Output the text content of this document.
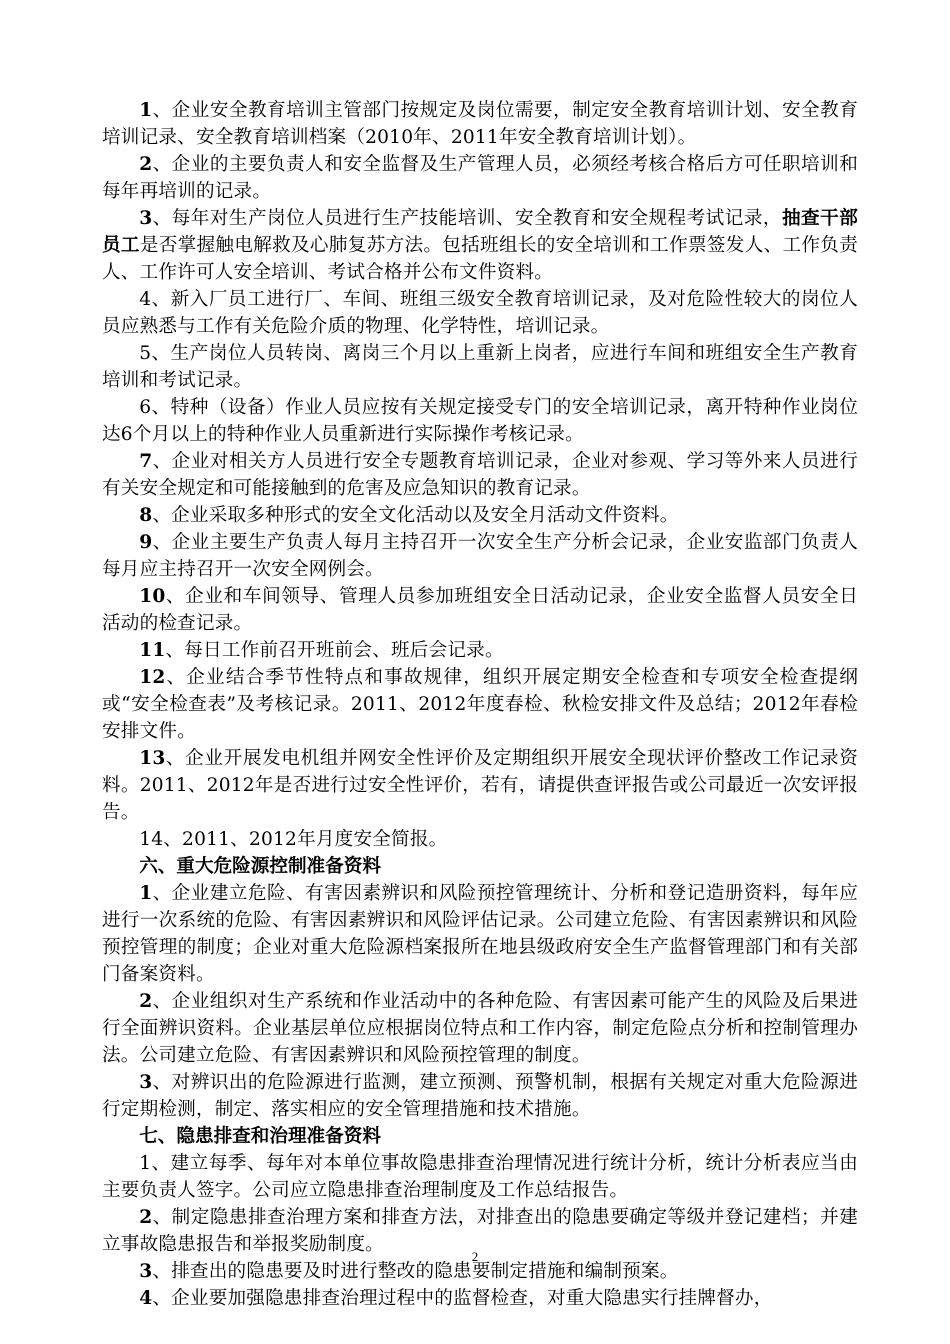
1、企业安全教育培训主管部门按规定及岗位需要，制定安全教育培训计划、安全教育培训记录、安全教育培训档案（2010年、2011年安全教育培训计划）。

2、企业的主要负责人和安全监督及生产管理人员，必须经考核合格后方可任职培训和每年再培训的记录。

3、每年对生产岗位人员进行生产技能培训、安全教育和安全规程考试记录，抽查干部员工是否掌握触电解救及心肺复苏方法。包括班组长的安全培训和工作票签发人、工作负责人、工作许可人安全培训、考试合格并公布文件资料。

4、新入厂员工进行厂、车间、班组三级安全教育培训记录，及对危险性较大的岗位人员应熟悉与工作有关危险介质的物理、化学特性，培训记录。

5、生产岗位人员转岗、离岗三个月以上重新上岗者，应进行车间和班组安全生产教育培训和考试记录。

6、特种（设备）作业人员应按有关规定接受专门的安全培训记录，离开特种作业岗位达6个月以上的特种作业人员重新进行实际操作考核记录。

7、企业对相关方人员进行安全专题教育培训记录，企业对参观、学习等外来人员进行有关安全规定和可能接触到的危害及应急知识的教育记录。

8、企业采取多种形式的安全文化活动以及安全月活动文件资料。

9、企业主要生产负责人每月主持召开一次安全生产分析会记录，企业安监部门负责人每月应主持召开一次安全网例会。

10、企业和车间领导、管理人员参加班组安全日活动记录，企业安全监督人员安全日活动的检查记录。

11、每日工作前召开班前会、班后会记录。

12、企业结合季节性特点和事故规律，组织开展定期安全检查和专项安全检查提纲或“安全检查表”及考核记录。2011、2012年度春检、秋检安排文件及总结；2012年春检安排文件。

13、企业开展发电机组并网安全性评价及定期组织开展安全现状评价整改工作记录资料。2011、2012年是否进行过安全性评价，若有，请提供查评报告或公司最近一次安评报告。

14、2011、2012年月度安全简报。

六、重大危险源控制准备资料

1、企业建立危险、有害因素辨识和风险预控管理统计、分析和登记造册资料，每年应进行一次系统的危险、有害因素辨识和风险评估记录。公司建立危险、有害因素辨识和风险预控管理的制度；企业对重大危险源档案报所在地县级政府安全生产监督管理部门和有关部门备案资料。

2、企业组织对生产系统和作业活动中的各种危险、有害因素可能产生的风险及后果进行全面辨识资料。企业基层单位应根据岗位特点和工作内容，制定危险点分析和控制管理办法。公司建立危险、有害因素辨识和风险预控管理的制度。

3、对辨识出的危险源进行监测，建立预测、预警机制，根据有关规定对重大危险源进行定期检测，制定、落实相应的安全管理措施和技术措施。

七、隐患排查和治理准备资料

1、建立每季、每年对本单位事故隐患排查治理情况进行统计分析，统计分析表应当由主要负责人签字。公司应立隐患排查治理制度及工作总结报告。

2、制定隐患排查治理方案和排查方法，对排查出的隐患要确定等级并登记建档；并建立事故隐患报告和举报奖励制度。

3、排查出的隐患要及时进行整改的隐患要制定措施和编制预案。

4、企业要加强隐患排查治理过程中的监督检查，对重大隐患实行挂牌督办，

2
